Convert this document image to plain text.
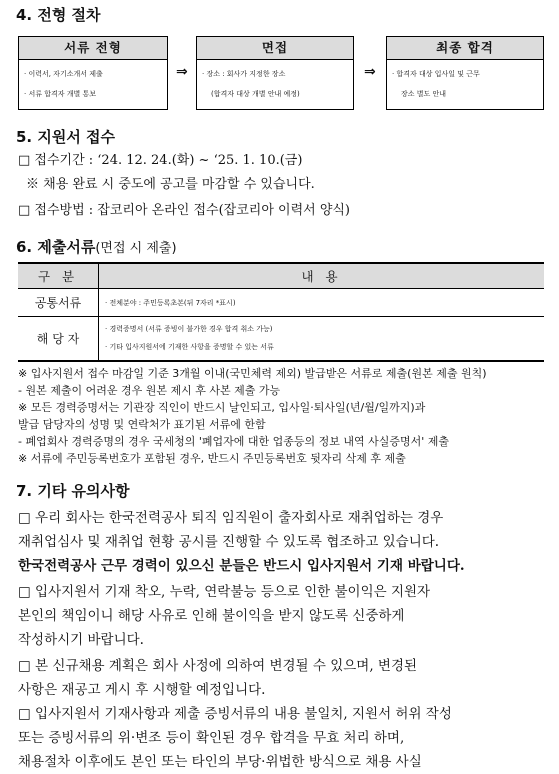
4. 전형 절차
서류 전형
· 이력서, 자기소개서 제출
· 서류 합격자 개별 통보
⇒
면접
· 장소 : 회사가 지정한 장소
(합격자 대상 개별 안내 예정)
⇒
최종 합격
· 합격자 대상 입사일 및 근무
장소 별도 안내
5. 지원서 접수
□ 접수기간 : ‘24. 12. 24.(화) ~ ‘25. 1. 10.(금)
※ 채용 완료 시 중도에 공고를 마감할 수 있습니다.
□ 접수방법 : 잡코리아 온라인 접수(잡코리아 이력서 양식)
6. 제출서류(면접 시 제출)
구 분	내 용
공통서류	· 전체분야 : 주민등록초본(뒤 7자리 *표시)

해 당 자	· 경력증명서 (서류 증빙이 불가한 경우 합격 취소 가능)
· 기타 입사지원서에 기재한 사항을 증명할 수 있는 서류
※ 입사지원서 접수 마감일 기준 3개월 이내(국민체력 제외) 발급받은 서류로 제출(원본 제출 원칙)
- 원본 제출이 어려운 경우 원본 제시 후 사본 제출 가능
※ 모든 경력증명서는 기관장 직인이 반드시 날인되고, 입사일·퇴사일(년/월/일까지)과
발급 담당자의 성명 및 연락처가 표기된 서류에 한함
- 폐업회사 경력증명의 경우 국세청의 '폐업자에 대한 업종등의 정보 내역 사실증명서' 제출
※ 서류에 주민등록번호가 포함된 경우, 반드시 주민등록번호 뒷자리 삭제 후 제출
7. 기타 유의사항
□ 우리 회사는 한국전력공사 퇴직 임직원이 출자회사로 재취업하는 경우
재취업심사 및 재취업 현황 공시를 진행할 수 있도록 협조하고 있습니다.
한국전력공사 근무 경력이 있으신 분들은 반드시 입사지원서 기재 바랍니다.
□ 입사지원서 기재 착오, 누락, 연락불능 등으로 인한 불이익은 지원자
본인의 책임이니 해당 사유로 인해 불이익을 받지 않도록 신중하게
작성하시기 바랍니다.
□ 본 신규채용 계획은 회사 사정에 의하여 변경될 수 있으며, 변경된
사항은 재공고 게시 후 시행할 예정입니다.
□ 입사지원서 기재사항과 제출 증빙서류의 내용 불일치, 지원서 허위 작성
또는 증빙서류의 위·변조 등이 확인된 경우 합격을 무효 처리 하며,
채용절차 이후에도 본인 또는 타인의 부당·위법한 방식으로 채용 사실
